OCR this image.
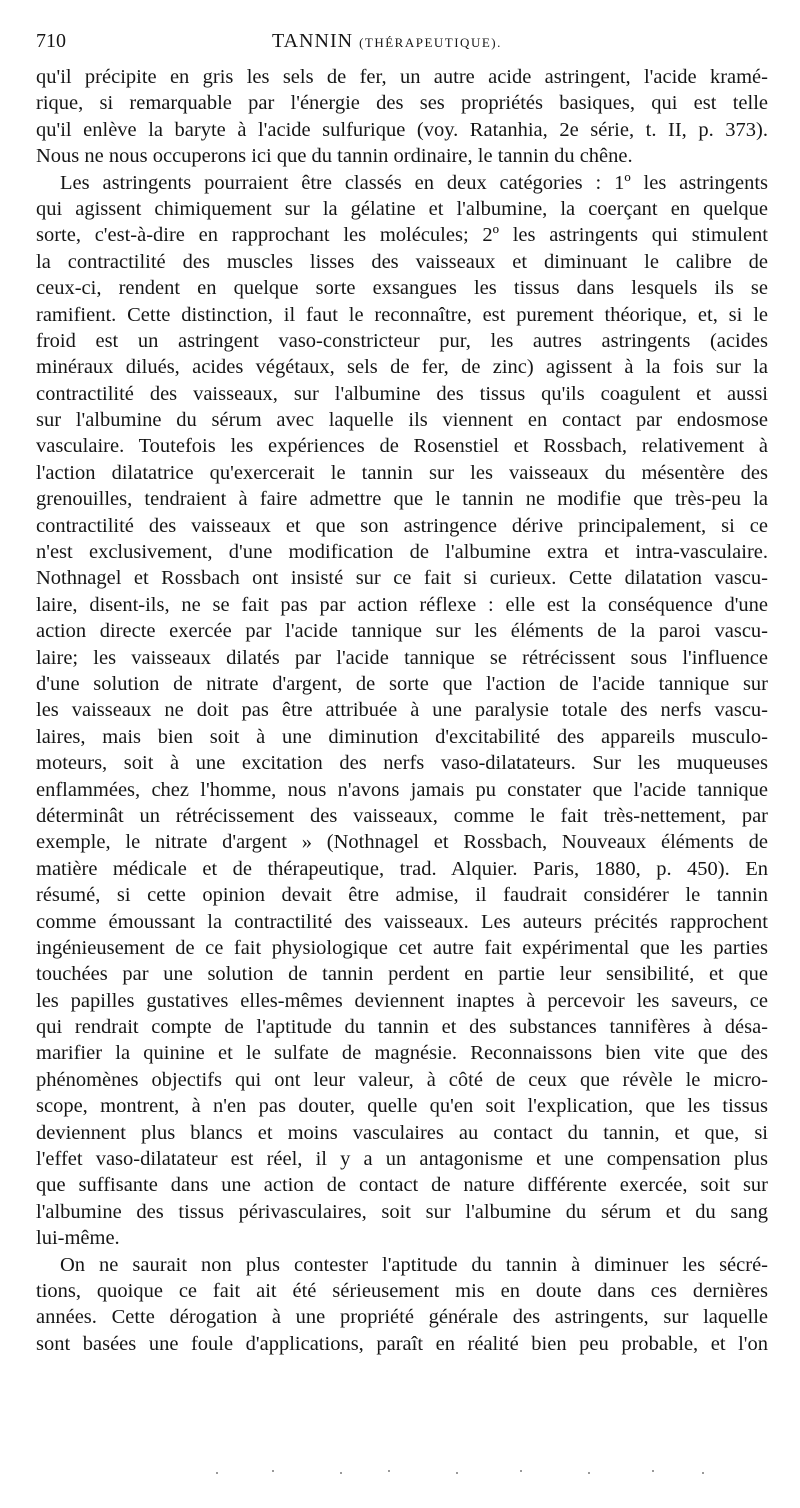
710	TANNIN (THÉRAPEUTIQUE).
qu'il précipite en gris les sels de fer, un autre acide astringent, l'acide kramé-
rique, si remarquable par l'énergie des ses propriétés basiques, qui est telle
qu'il enlève la baryte à l'acide sulfurique (voy. Ratanhia, 2e série, t. II, p. 373).
Nous ne nous occuperons ici que du tannin ordinaire, le tannin du chêne.
Les astringents pourraient être classés en deux catégories : 1º les astringents
qui agissent chimiquement sur la gélatine et l'albumine, la coerçant en quelque
sorte, c'est-à-dire en rapprochant les molécules; 2º les astringents qui stimulent
la contractilité des muscles lisses des vaisseaux et diminuant le calibre de
ceux-ci, rendent en quelque sorte exsangues les tissus dans lesquels ils se
ramifient. Cette distinction, il faut le reconnaître, est purement théorique, et, si le
froid est un astringent vaso-constricteur pur, les autres astringents (acides
minéraux dilués, acides végétaux, sels de fer, de zinc) agissent à la fois sur la
contractilité des vaisseaux, sur l'albumine des tissus qu'ils coagulent et aussi
sur l'albumine du sérum avec laquelle ils viennent en contact par endosmose
vasculaire. Toutefois les expériences de Rosenstiel et Rossbach, relativement à
l'action dilatatrice qu'exercerait le tannin sur les vaisseaux du mésentère des
grenouilles, tendraient à faire admettre que le tannin ne modifie que très-peu la
contractilité des vaisseaux et que son astringence dérive principalement, si ce
n'est exclusivement, d'une modification de l'albumine extra et intra-vasculaire.
Nothnagel et Rossbach ont insisté sur ce fait si curieux. Cette dilatation vascu-
laire, disent-ils, ne se fait pas par action réflexe : elle est la conséquence d'une
action directe exercée par l'acide tannique sur les éléments de la paroi vascu-
laire; les vaisseaux dilatés par l'acide tannique se rétrécissent sous l'influence
d'une solution de nitrate d'argent, de sorte que l'action de l'acide tannique sur
les vaisseaux ne doit pas être attribuée à une paralysie totale des nerfs vascu-
laires, mais bien soit à une diminution d'excitabilité des appareils musculo-
moteurs, soit à une excitation des nerfs vaso-dilatateurs. Sur les muqueuses
enflammées, chez l'homme, nous n'avons jamais pu constater que l'acide tannique
déterminât un rétrécissement des vaisseaux, comme le fait très-nettement, par
exemple, le nitrate d'argent » (Nothnagel et Rossbach, Nouveaux éléments de
matière médicale et de thérapeutique, trad. Alquier. Paris, 1880, p. 450). En
résumé, si cette opinion devait être admise, il faudrait considérer le tannin
comme émoussant la contractilité des vaisseaux. Les auteurs précités rapprochent
ingénieusement de ce fait physiologique cet autre fait expérimental que les parties
touchées par une solution de tannin perdent en partie leur sensibilité, et que
les papilles gustatives elles-mêmes deviennent inaptes à percevoir les saveurs, ce
qui rendrait compte de l'aptitude du tannin et des substances tannifères à désa-
marifier la quinine et le sulfate de magnésie. Reconnaissons bien vite que des
phénomènes objectifs qui ont leur valeur, à côté de ceux que révèle le micro-
scope, montrent, à n'en pas douter, quelle qu'en soit l'explication, que les tissus
deviennent plus blancs et moins vasculaires au contact du tannin, et que, si
l'effet vaso-dilatateur est réel, il y a un antagonisme et une compensation plus
que suffisante dans une action de contact de nature différente exercée, soit sur
l'albumine des tissus périvasculaires, soit sur l'albumine du sérum et du sang
lui-même.
On ne saurait non plus contester l'aptitude du tannin à diminuer les sécré-
tions, quoique ce fait ait été sérieusement mis en doute dans ces dernières
années. Cette dérogation à une propriété générale des astringents, sur laquelle
sont basées une foule d'applications, paraît en réalité bien peu probable, et l'on
